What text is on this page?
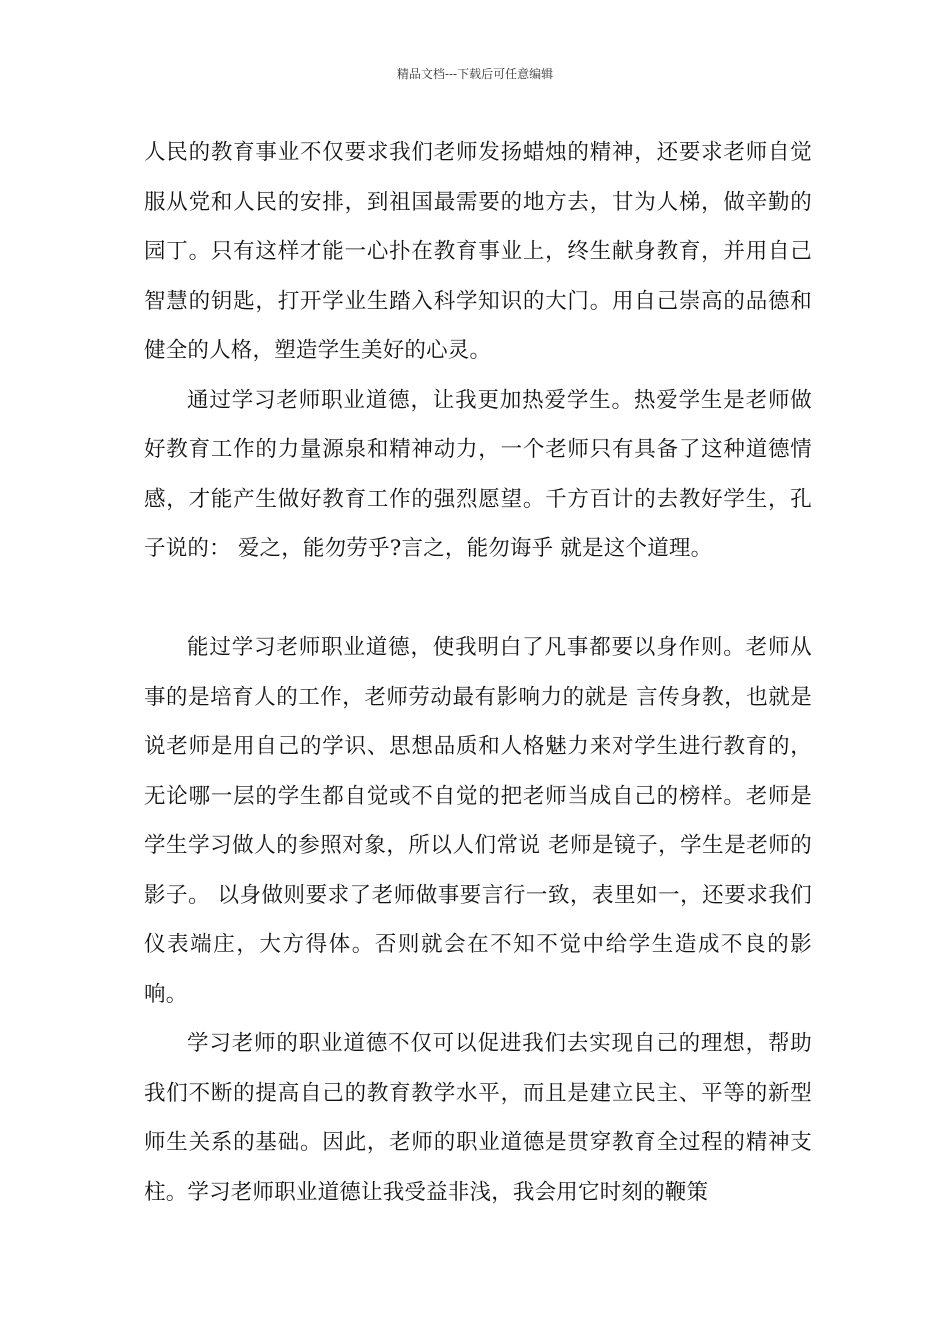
精品文档---下载后可任意编辑

人民的教育事业不仅要求我们老师发扬蜡烛的精神，还要求老师自觉服从党和人民的安排，到祖国最需要的地方去，甘为人梯，做辛勤的园丁。只有这样才能一心扑在教育事业上，终生献身教育，并用自己智慧的钥匙，打开学业生踏入科学知识的大门。用自己崇高的品德和健全的人格，塑造学生美好的心灵。

通过学习老师职业道德，让我更加热爱学生。热爱学生是老师做好教育工作的力量源泉和精神动力，一个老师只有具备了这种道德情感，才能产生做好教育工作的强烈愿望。千方百计的去教好学生，孔子说的： 爱之，能勿劳乎?言之，能勿诲乎 就是这个道理。

能过学习老师职业道德，使我明白了凡事都要以身作则。老师从事的是培育人的工作，老师劳动最有影响力的就是 言传身教，也就是说老师是用自己的学识、思想品质和人格魅力来对学生进行教育的，无论哪一层的学生都自觉或不自觉的把老师当成自己的榜样。老师是学生学习做人的参照对象，所以人们常说 老师是镜子，学生是老师的影子。 以身做则要求了老师做事要言行一致，表里如一，还要求我们仪表端庄，大方得体。否则就会在不知不觉中给学生造成不良的影响。

学习老师的职业道德不仅可以促进我们去实现自己的理想，帮助我们不断的提高自己的教育教学水平，而且是建立民主、平等的新型师生关系的基础。因此，老师的职业道德是贯穿教育全过程的精神支柱。学习老师职业道德让我受益非浅，我会用它时刻的鞭策
